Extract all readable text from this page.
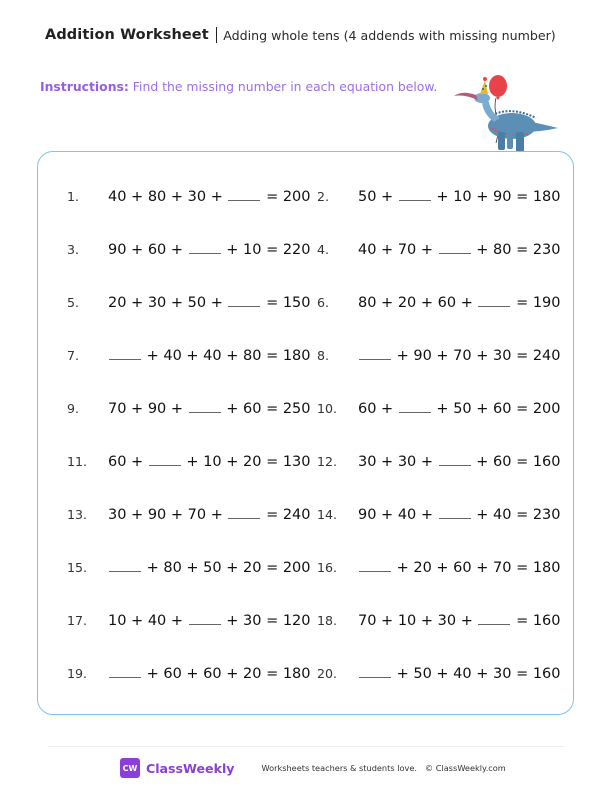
Addition Worksheet Adding whole tens (4 addends with missing number)
Instructions: Find the missing number in each equation below.
1.	40 + 80 + 30 +  = 200 2.	50 +  + 10 + 90 = 180
3.	90 + 60 +  + 10 = 220 4.	40 + 70 +  + 80 = 230
5.	20 + 30 + 50 +  = 150 6.	80 + 20 + 60 +  = 190
7.	+ 40 + 40 + 80 = 180 8.	+ 90 + 70 + 30 = 240
9.	70 + 90 +  + 60 = 250 10.	60 +  + 50 + 60 = 200
11.	60 +  + 10 + 20 = 130 12.	30 + 30 +  + 60 = 160
13.	30 + 90 + 70 +  = 240 14.	90 + 40 +  + 40 = 230
15.	+ 80 + 50 + 20 = 200 16.	+ 20 + 60 + 70 = 180
17.	10 + 40 +  + 30 = 120 18.	70 + 10 + 30 +  = 160
19.	+ 60 + 60 + 20 = 180 20.	+ 50 + 40 + 30 = 160
CW ClassWeekly	Worksheets teachers & students love. © ClassWeekly.com
